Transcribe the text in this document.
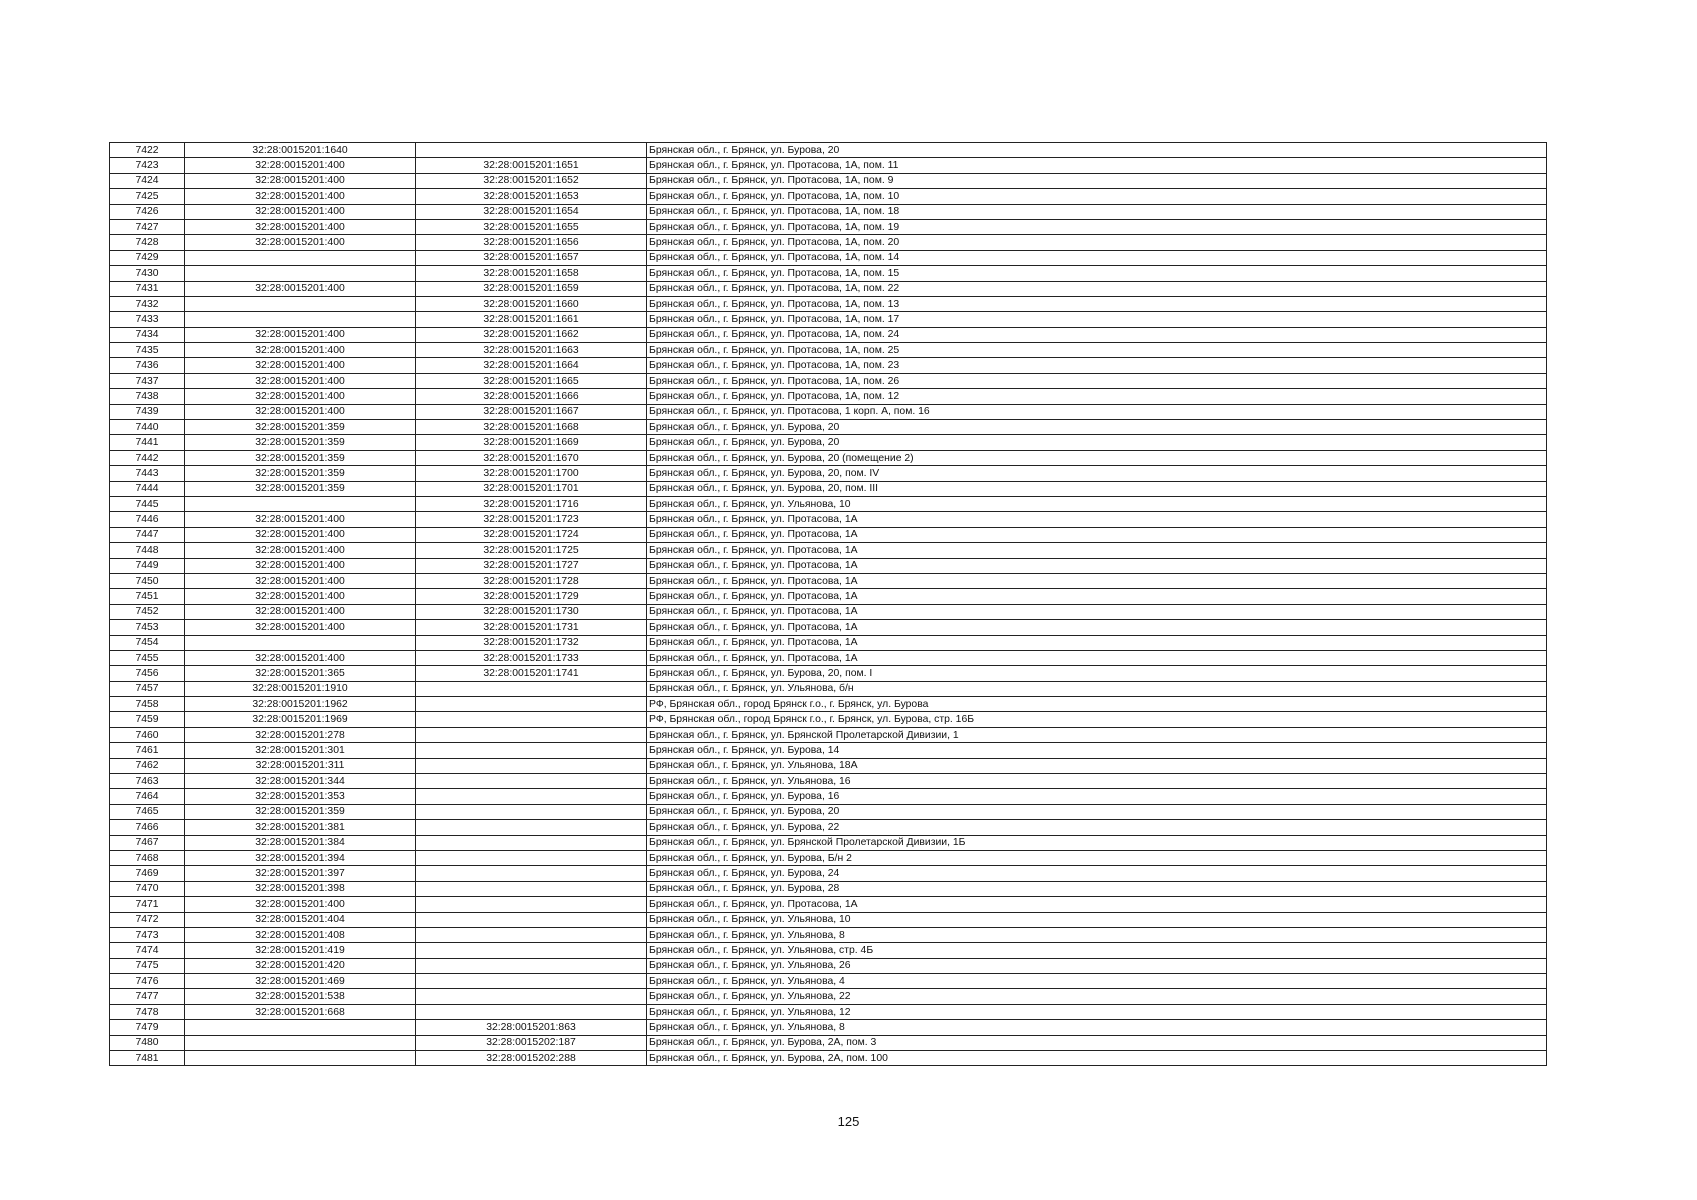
7422	32:28:0015201:1640		Брянская обл., г. Брянск, ул. Бурова, 20
7423	32:28:0015201:400	32:28:0015201:1651	Брянская обл., г. Брянск, ул. Протасова, 1А, пом. 11
7424	32:28:0015201:400	32:28:0015201:1652	Брянская обл., г. Брянск, ул. Протасова, 1А, пом. 9
7425	32:28:0015201:400	32:28:0015201:1653	Брянская обл., г. Брянск, ул. Протасова, 1А, пом. 10
7426	32:28:0015201:400	32:28:0015201:1654	Брянская обл., г. Брянск, ул. Протасова, 1А, пом. 18
7427	32:28:0015201:400	32:28:0015201:1655	Брянская обл., г. Брянск, ул. Протасова, 1А, пом. 19
7428	32:28:0015201:400	32:28:0015201:1656	Брянская обл., г. Брянск, ул. Протасова, 1А, пом. 20
7429		32:28:0015201:1657	Брянская обл., г. Брянск, ул. Протасова, 1А, пом. 14
7430		32:28:0015201:1658	Брянская обл., г. Брянск, ул. Протасова, 1А, пом. 15
7431	32:28:0015201:400	32:28:0015201:1659	Брянская обл., г. Брянск, ул. Протасова, 1А, пом. 22
7432		32:28:0015201:1660	Брянская обл., г. Брянск, ул. Протасова, 1А, пом. 13
7433		32:28:0015201:1661	Брянская обл., г. Брянск, ул. Протасова, 1А, пом. 17
7434	32:28:0015201:400	32:28:0015201:1662	Брянская обл., г. Брянск, ул. Протасова, 1А, пом. 24
7435	32:28:0015201:400	32:28:0015201:1663	Брянская обл., г. Брянск, ул. Протасова, 1А, пом. 25
7436	32:28:0015201:400	32:28:0015201:1664	Брянская обл., г. Брянск, ул. Протасова, 1А, пом. 23
7437	32:28:0015201:400	32:28:0015201:1665	Брянская обл., г. Брянск, ул. Протасова, 1А, пом. 26
7438	32:28:0015201:400	32:28:0015201:1666	Брянская обл., г. Брянск, ул. Протасова, 1А, пом. 12
7439	32:28:0015201:400	32:28:0015201:1667	Брянская обл., г. Брянск, ул. Протасова, 1 корп. А, пом. 16
7440	32:28:0015201:359	32:28:0015201:1668	Брянская обл., г. Брянск, ул. Бурова, 20
7441	32:28:0015201:359	32:28:0015201:1669	Брянская обл., г. Брянск, ул. Бурова, 20
7442	32:28:0015201:359	32:28:0015201:1670	Брянская обл., г. Брянск, ул. Бурова, 20 (помещение 2)
7443	32:28:0015201:359	32:28:0015201:1700	Брянская обл., г. Брянск, ул. Бурова, 20, пом. IV
7444	32:28:0015201:359	32:28:0015201:1701	Брянская обл., г. Брянск, ул. Бурова, 20, пом. III
7445		32:28:0015201:1716	Брянская обл., г. Брянск, ул. Ульянова, 10
7446	32:28:0015201:400	32:28:0015201:1723	Брянская обл., г. Брянск, ул. Протасова, 1А
7447	32:28:0015201:400	32:28:0015201:1724	Брянская обл., г. Брянск, ул. Протасова, 1А
7448	32:28:0015201:400	32:28:0015201:1725	Брянская обл., г. Брянск, ул. Протасова, 1А
7449	32:28:0015201:400	32:28:0015201:1727	Брянская обл., г. Брянск, ул. Протасова, 1А
7450	32:28:0015201:400	32:28:0015201:1728	Брянская обл., г. Брянск, ул. Протасова, 1А
7451	32:28:0015201:400	32:28:0015201:1729	Брянская обл., г. Брянск, ул. Протасова, 1А
7452	32:28:0015201:400	32:28:0015201:1730	Брянская обл., г. Брянск, ул. Протасова, 1А
7453	32:28:0015201:400	32:28:0015201:1731	Брянская обл., г. Брянск, ул. Протасова, 1А
7454		32:28:0015201:1732	Брянская обл., г. Брянск, ул. Протасова, 1А
7455	32:28:0015201:400	32:28:0015201:1733	Брянская обл., г. Брянск, ул. Протасова, 1А
7456	32:28:0015201:365	32:28:0015201:1741	Брянская обл., г. Брянск, ул. Бурова, 20, пом. I
7457	32:28:0015201:1910		Брянская обл., г. Брянск, ул. Ульянова, б/н
7458	32:28:0015201:1962		РФ, Брянская обл., город Брянск г.о., г. Брянск, ул. Бурова
7459	32:28:0015201:1969		РФ, Брянская обл., город Брянск г.о., г. Брянск, ул. Бурова, стр. 16Б
7460	32:28:0015201:278		Брянская обл., г. Брянск, ул. Брянской Пролетарской Дивизии, 1
7461	32:28:0015201:301		Брянская обл., г. Брянск, ул. Бурова, 14
7462	32:28:0015201:311		Брянская обл., г. Брянск, ул. Ульянова, 18А
7463	32:28:0015201:344		Брянская обл., г. Брянск, ул. Ульянова, 16
7464	32:28:0015201:353		Брянская обл., г. Брянск, ул. Бурова, 16
7465	32:28:0015201:359		Брянская обл., г. Брянск, ул. Бурова, 20
7466	32:28:0015201:381		Брянская обл., г. Брянск, ул. Бурова, 22
7467	32:28:0015201:384		Брянская обл., г. Брянск, ул. Брянской Пролетарской Дивизии, 1Б
7468	32:28:0015201:394		Брянская обл., г. Брянск, ул. Бурова, Б/н 2
7469	32:28:0015201:397		Брянская обл., г. Брянск, ул. Бурова, 24
7470	32:28:0015201:398		Брянская обл., г. Брянск, ул. Бурова, 28
7471	32:28:0015201:400		Брянская обл., г. Брянск, ул. Протасова, 1А
7472	32:28:0015201:404		Брянская обл., г. Брянск, ул. Ульянова, 10
7473	32:28:0015201:408		Брянская обл., г. Брянск, ул. Ульянова, 8
7474	32:28:0015201:419		Брянская обл., г. Брянск, ул. Ульянова, стр. 4Б
7475	32:28:0015201:420		Брянская обл., г. Брянск, ул. Ульянова, 26
7476	32:28:0015201:469		Брянская обл., г. Брянск, ул. Ульянова, 4
7477	32:28:0015201:538		Брянская обл., г. Брянск, ул. Ульянова, 22
7478	32:28:0015201:668		Брянская обл., г. Брянск, ул. Ульянова, 12
7479		32:28:0015201:863	Брянская обл., г. Брянск, ул. Ульянова, 8
7480		32:28:0015202:187	Брянская обл., г. Брянск, ул. Бурова, 2А, пом. 3
7481		32:28:0015202:288	Брянская обл., г. Брянск, ул. Бурова, 2А, пом. 100
125
